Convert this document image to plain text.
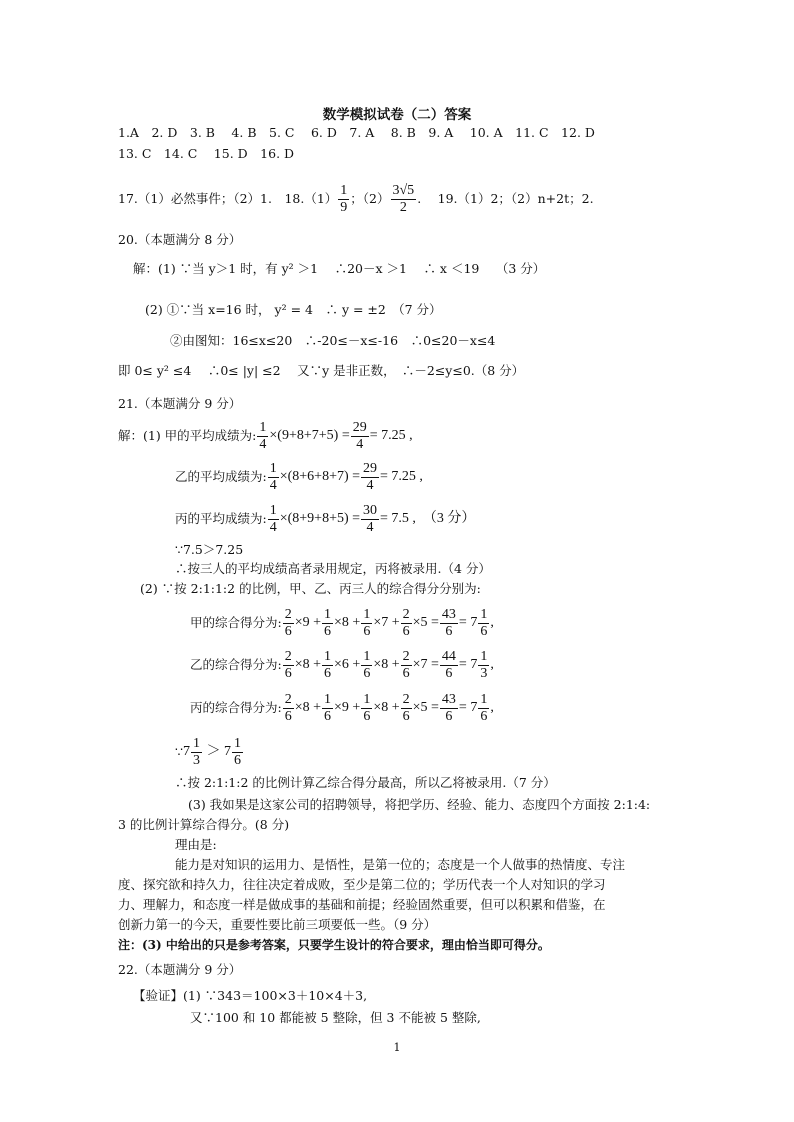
数学模拟试卷（二）答案
1.A　2. D　3. B　 4. B　5. C　 6. D　7. A　 8. B　9. A　 10. A　11. C　12. D
13. C　14. C　 15. D　16. D
17.（1）必然事件；（2）1.　$18.(1) \frac{1}{9}$ ；$(2) \frac{3√5}{2}$ .　 19.（1）2；（2）n+2t；2.
20.（本题满分 8 分）
解：(1) ∵当 y＞1 时，有 y² ＞1　 ∴20－x ＞1　 ∴ x ＜19　 （3 分）
(2) ①∵当 x=16 时， y² = 4　∴ y = ±2　（7 分）
②由图知：16≤x≤20　∴-20≤－x≤-16　∴0≤20－x≤4
即 0≤ y² ≤4　 ∴0≤ |y| ≤2　 又∵y 是非正数，　∴－2≤y≤0.（8 分）
21.（本题满分 9 分）
解：(1) 甲的平均成绩为: $\frac{1}{4} \times(9+8+7+5) = \frac{29}{4} = 7.25$ ,
乙的平均成绩为: $\frac{1}{4} \times(8+6+8+7) = \frac{29}{4} = 7.25$ ,
丙的平均成绩为: $\frac{1}{4} \times(8+9+8+5) = \frac{30}{4} = 7.5$ ,　（3 分）
∵7.5＞7.25
∴按三人的平均成绩高者录用规定，丙将被录用.（4 分）
(2) ∵按 2:1:1:2 的比例，甲、乙、丙三人的综合得分分别为:
甲的综合得分为: $\frac{2}{6} \times 9 + \frac{1}{6} \times 8 + \frac{1}{6} \times 7 + \frac{2}{6} \times 5 = \frac{43}{6} = 7 \frac{1}{6}$ ,
乙的综合得分为: $\frac{2}{6} \times 8 + \frac{1}{6} \times 6 + \frac{1}{6} \times 8 + \frac{2}{6} \times 7 = \frac{44}{6} = 7 \frac{1}{3}$ ,
丙的综合得分为: $\frac{2}{6} \times 8 + \frac{1}{6} \times 9 + \frac{1}{6} \times 8 + \frac{2}{6} \times 5 = \frac{43}{6} = 7 \frac{1}{6}$ ,
∵ $7 \frac{1}{3} > 7 \frac{1}{6}$
∴按 2:1:1:2 的比例计算乙综合得分最高，所以乙将被录用.（7 分）
(3) 我如果是这家公司的招聘领导，将把学历、经验、能力、态度四个方面按 2:1:4:
3 的比例计算综合得分。(8 分)
理由是:
能力是对知识的运用力、是悟性，是第一位的；态度是一个人做事的热情度、专注
度、探究欲和持久力，往往决定着成败，至少是第二位的；学历代表一个人对知识的学习
力、理解力，和态度一样是做成事的基础和前提；经验固然重要，但可以积累和借鉴，在
创新力第一的今天，重要性要比前三项要低一些。（9 分）
注：(3) 中给出的只是参考答案，只要学生设计的符合要求，理由恰当即可得分。
22.（本题满分 9 分）
【验证】(1) ∵343＝100×3＋10×4＋3,
又∵100 和 10 都能被 5 整除，但 3 不能被 5 整除,
1
